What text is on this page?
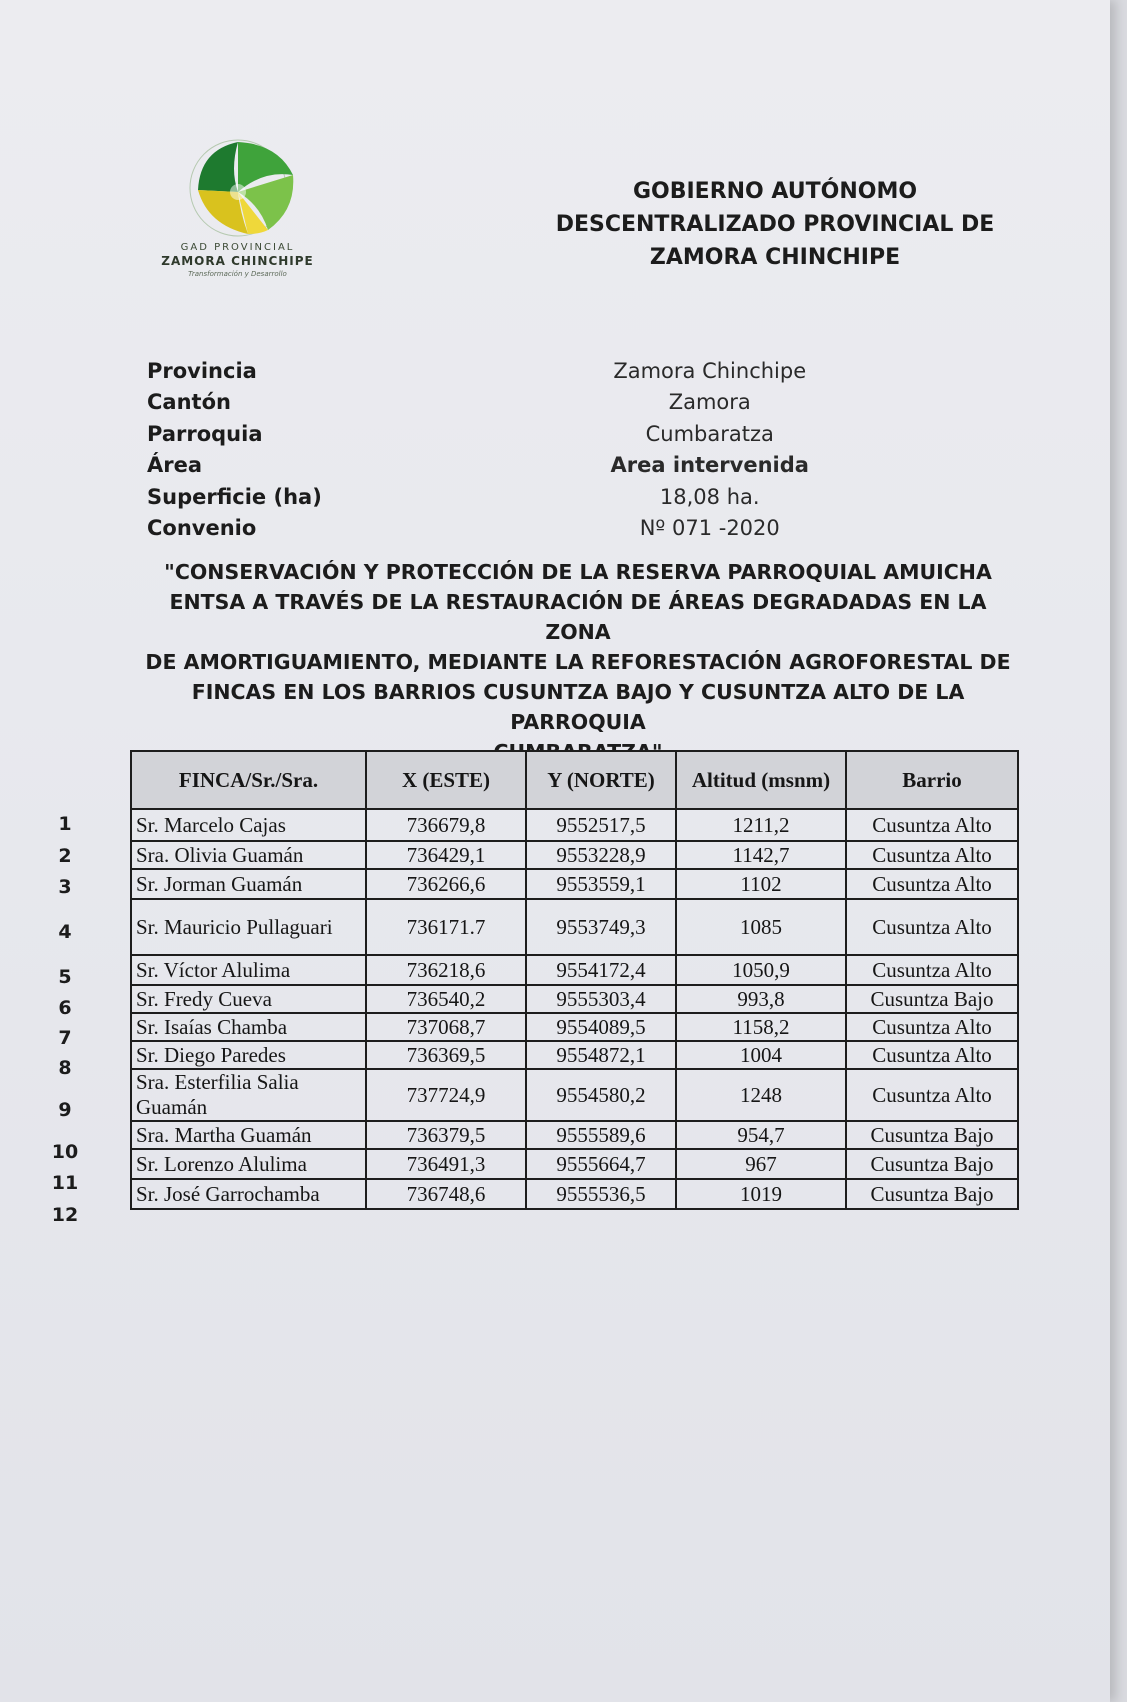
GAD PROVINCIAL
ZAMORA CHINCHIPE
Transformación y Desarrollo
GOBIERNO AUTÓNOMO
DESCENTRALIZADO PROVINCIAL DE
ZAMORA CHINCHIPE
Provincia	Zamora Chinchipe
Cantón	Zamora
Parroquia	Cumbaratza
Área	Area intervenida
Superficie (ha)	18,08 ha.
Convenio	Nº 071 -2020
"CONSERVACIÓN Y PROTECCIÓN DE LA RESERVA PARROQUIAL AMUICHA
ENTSA A TRAVÉS DE LA RESTAURACIÓN DE ÁREAS DEGRADADAS EN LA ZONA
DE AMORTIGUAMIENTO, MEDIANTE LA REFORESTACIÓN AGROFORESTAL DE
FINCAS EN LOS BARRIOS CUSUNTZA BAJO Y CUSUNTZA ALTO DE LA PARROQUIA
FINCA/Sr./Sra.	X (ESTE)	Y (NORTE)	Altitud (msnm)	Barrio
Sr. Marcelo Cajas	736679,8	9552517,5	1211,2	Cusuntza Alto
Sra. Olivia Guamán	736429,1	9553228,9	1142,7	Cusuntza Alto
Sr. Jorman Guamán	736266,6	9553559,1	1102	Cusuntza Alto
Sr. Mauricio Pullaguari	736171.7	9553749,3	1085	Cusuntza Alto
Sr. Víctor Alulima	736218,6	9554172,4	1050,9	Cusuntza Alto
Sr. Fredy Cueva	736540,2	9555303,4	993,8	Cusuntza Bajo
Sr. Isaías Chamba	737068,7	9554089,5	1158,2	Cusuntza Alto
Sr. Diego Paredes	736369,5	9554872,1	1004	Cusuntza Alto
Sra. Esterfilia Salia Guamán	737724,9	9554580,2	1248	Cusuntza Alto
Sra. Martha Guamán	736379,5	9555589,6	954,7	Cusuntza Bajo
Sr. Lorenzo Alulima	736491,3	9555664,7	967	Cusuntza Bajo
Sr. José Garrochamba	736748,6	9555536,5	1019	Cusuntza Bajo
1
2
3
4
5
6
7
8
9
10
11
12
